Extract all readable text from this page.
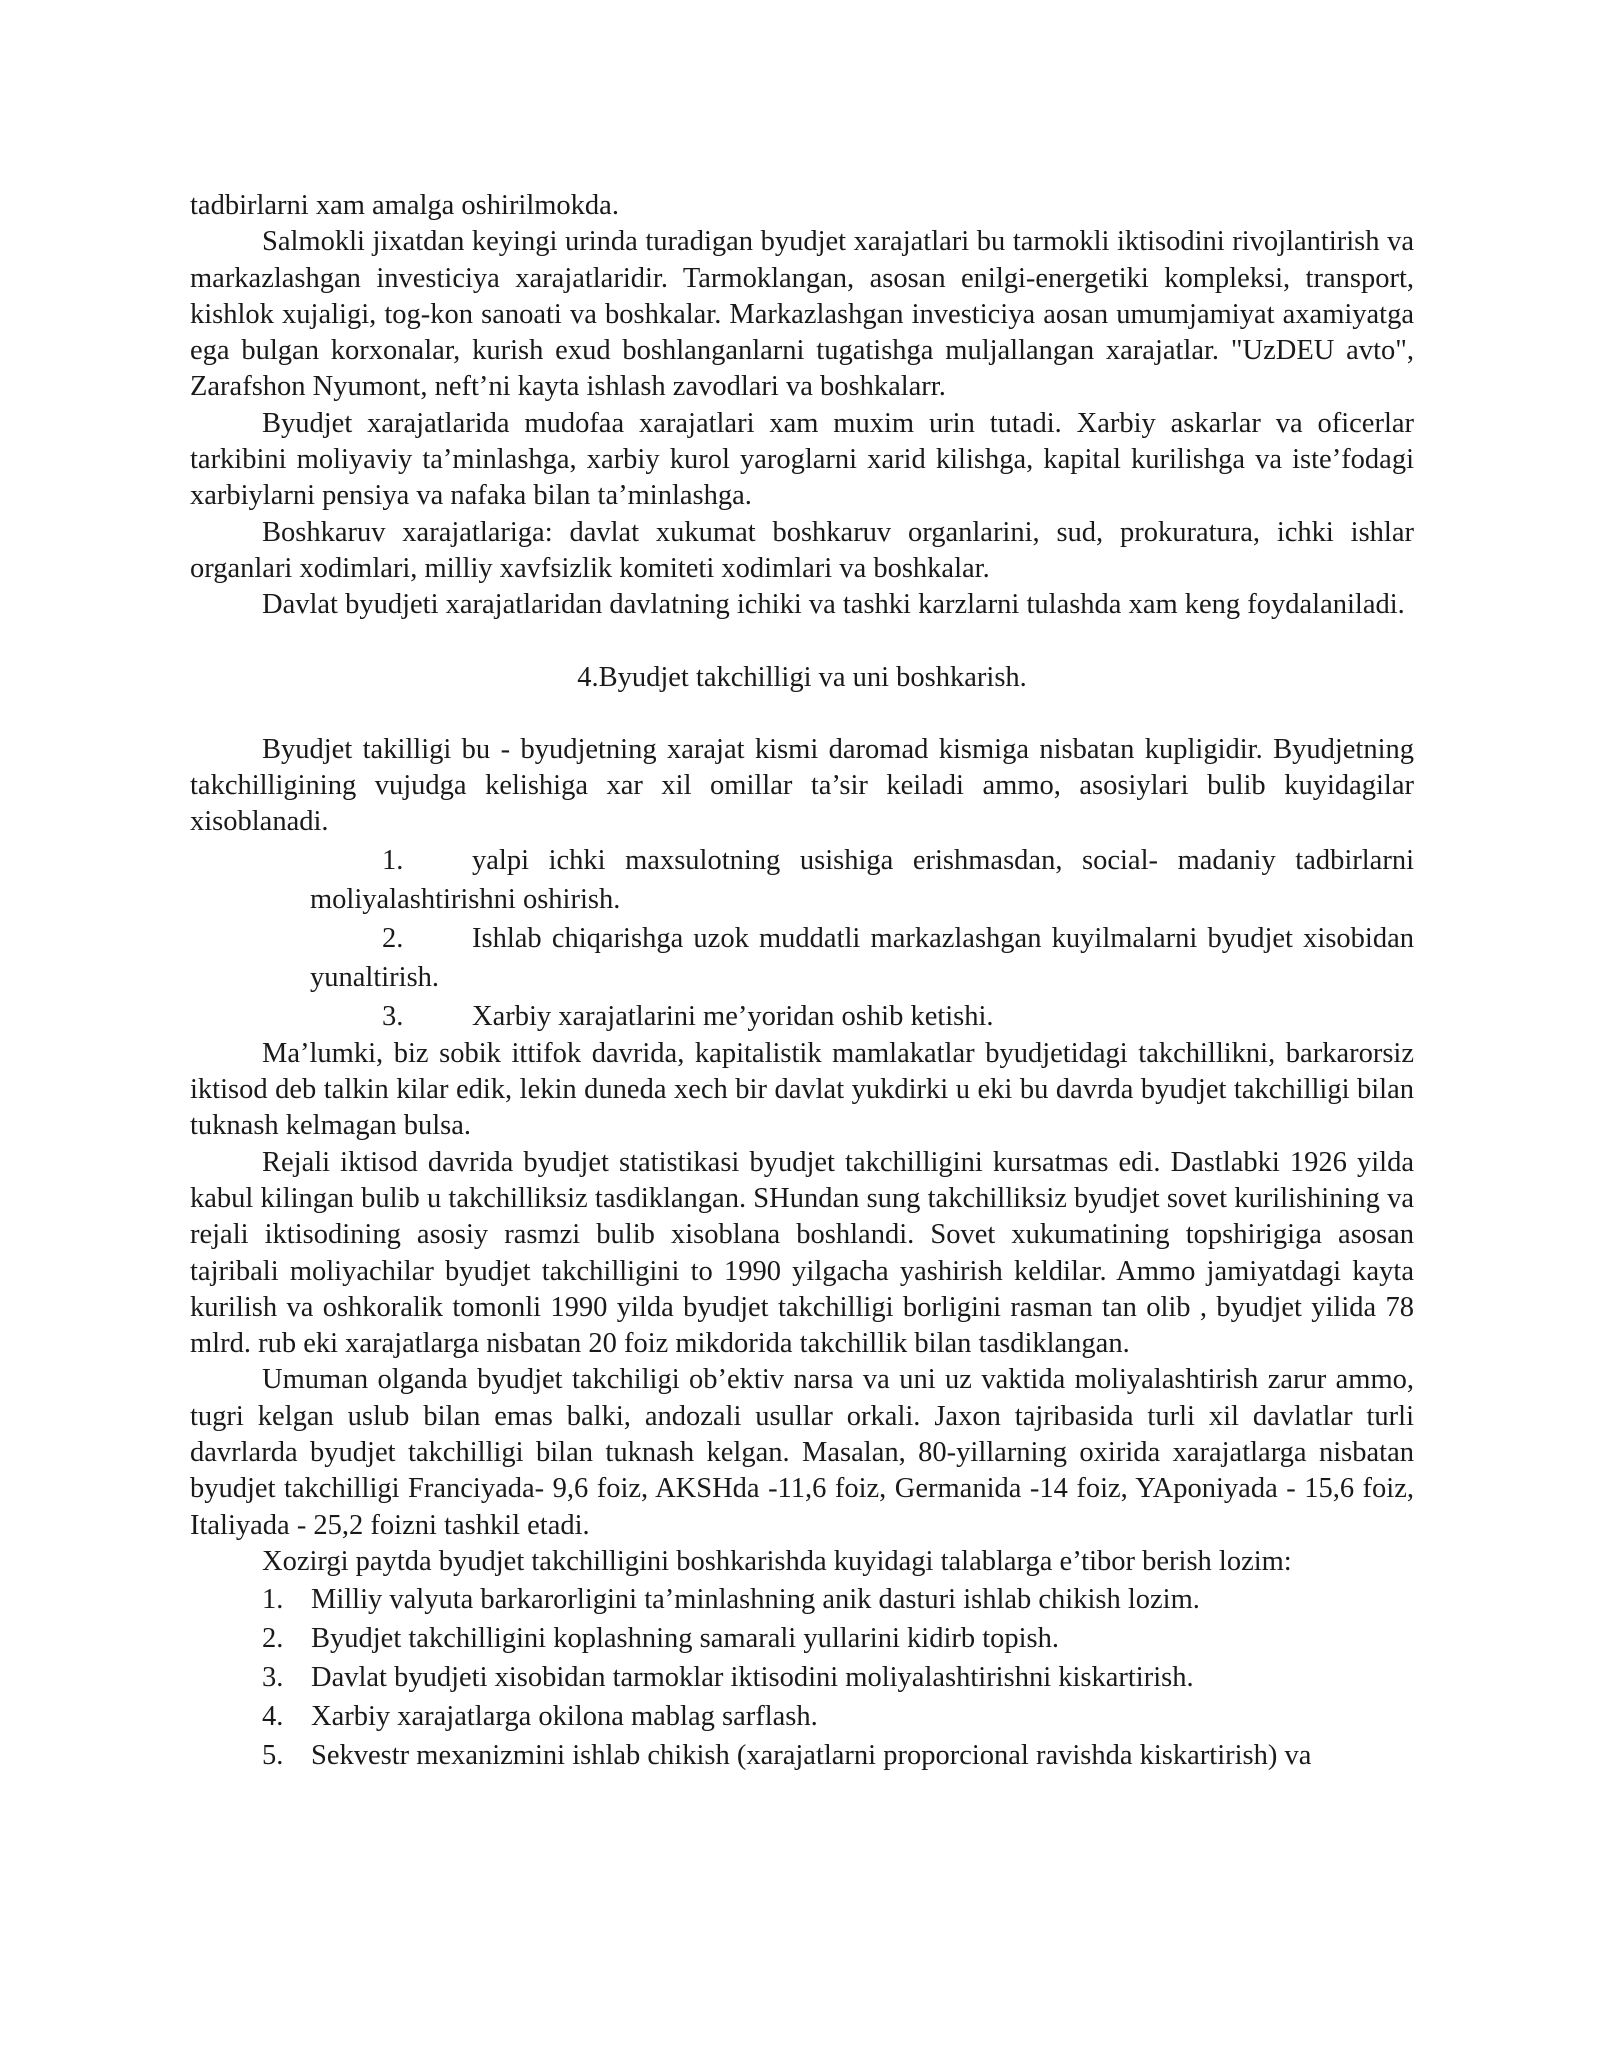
tadbirlarni xam amalga oshirilmokda.

Salmokli jixatdan keyingi urinda turadigan byudjet xarajatlari bu tarmokli iktisodini rivojlantirish va markazlashgan investiciya xarajatlaridir. Tarmoklangan, asosan enilgi-energetiki kompleksi, transport, kishlok xujaligi, tog-kon sanoati va boshkalar. Markazlashgan investiciya aosan umumjamiyat axamiyatga ega bulgan korxonalar, kurish exud boshlanganlarni tugatishga muljallangan xarajatlar. "UzDEU avto", Zarafshon Nyumont, neft’ni kayta ishlash zavodlari va boshkalarr.

Byudjet xarajatlarida mudofaa xarajatlari xam muxim urin tutadi. Xarbiy askarlar va oficerlar tarkibini moliyaviy ta’minlashga, xarbiy kurol yaroglarni xarid kilishga, kapital kurilishga va iste’fodagi xarbiylarni pensiya va nafaka bilan ta’minlashga.

Boshkaruv xarajatlariga: davlat xukumat boshkaruv organlarini, sud, prokuratura, ichki ishlar organlari xodimlari, milliy xavfsizlik komiteti xodimlari va boshkalar.

Davlat byudjeti xarajatlaridan davlatning ichiki va tashki karzlarni tulashda xam keng foydalaniladi.

4.Byudjet takchilligi va uni boshkarish.

Byudjet takilligi bu - byudjetning xarajat kismi daromad kismiga nisbatan kupligidir. Byudjetning takchilligining vujudga kelishiga xar xil omillar ta’sir keiladi ammo, asosiylari bulib kuyidagilar xisoblanadi.

1. yalpi ichki maxsulotning usishiga erishmasdan, social- madaniy tadbirlarni moliyalashtirishni oshirish.
2. Ishlab chiqarishga uzok muddatli markazlashgan kuyilmalarni byudjet xisobidan yunaltirish.
3. Xarbiy xarajatlarini me’yoridan oshib ketishi.

Ma’lumki, biz sobik ittifok davrida, kapitalistik mamlakatlar byudjetidagi takchillikni, barkarorsiz iktisod deb talkin kilar edik, lekin duneda xech bir davlat yukdirki u eki bu davrda byudjet takchilligi bilan tuknash kelmagan bulsa.

Rejali iktisod davrida byudjet statistikasi byudjet takchilligini kursatmas edi. Dastlabki 1926 yilda kabul kilingan bulib u takchilliksiz tasdiklangan. SHundan sung takchilliksiz byudjet sovet kurilishining va rejali iktisodining asosiy rasmzi bulib xisoblana boshlandi. Sovet xukumatining topshirigiga asosan tajribali moliyachilar byudjet takchilligini to 1990 yilgacha yashirish keldilar. Ammo jamiyatdagi kayta kurilish va oshkoralik tomonli 1990 yilda byudjet takchilligi borligini rasman tan olib , byudjet yilida 78 mlrd. rub eki xarajatlarga nisbatan 20 foiz mikdorida takchillik bilan tasdiklangan.

Umuman olganda byudjet takchiligi ob’ektiv narsa va uni uz vaktida moliyalashtirish zarur ammo, tugri kelgan uslub bilan emas balki, andozali usullar orkali. Jaxon tajribasida turli xil davlatlar turli davrlarda byudjet takchilligi bilan tuknash kelgan. Masalan, 80-yillarning oxirida xarajatlarga nisbatan byudjet takchilligi Franciyada- 9,6 foiz, AKSHda -11,6 foiz, Germanida -14 foiz, YAponiyada - 15,6 foiz, Italiyada - 25,2 foizni tashkil etadi.

Xozirgi paytda byudjet takchilligini boshkarishda kuyidagi talablarga e’tibor berish lozim:

1. Milliy valyuta barkarorligini ta’minlashning anik dasturi ishlab chikish lozim.
2. Byudjet takchilligini koplashning samarali yullarini kidirb topish.
3. Davlat byudjeti xisobidan tarmoklar iktisodini moliyalashtirishni kiskartirish.
4. Xarbiy xarajatlarga okilona mablag sarflash.
5. Sekvestr mexanizmini ishlab chikish (xarajatlarni proporcional ravishda kiskartirish) va
